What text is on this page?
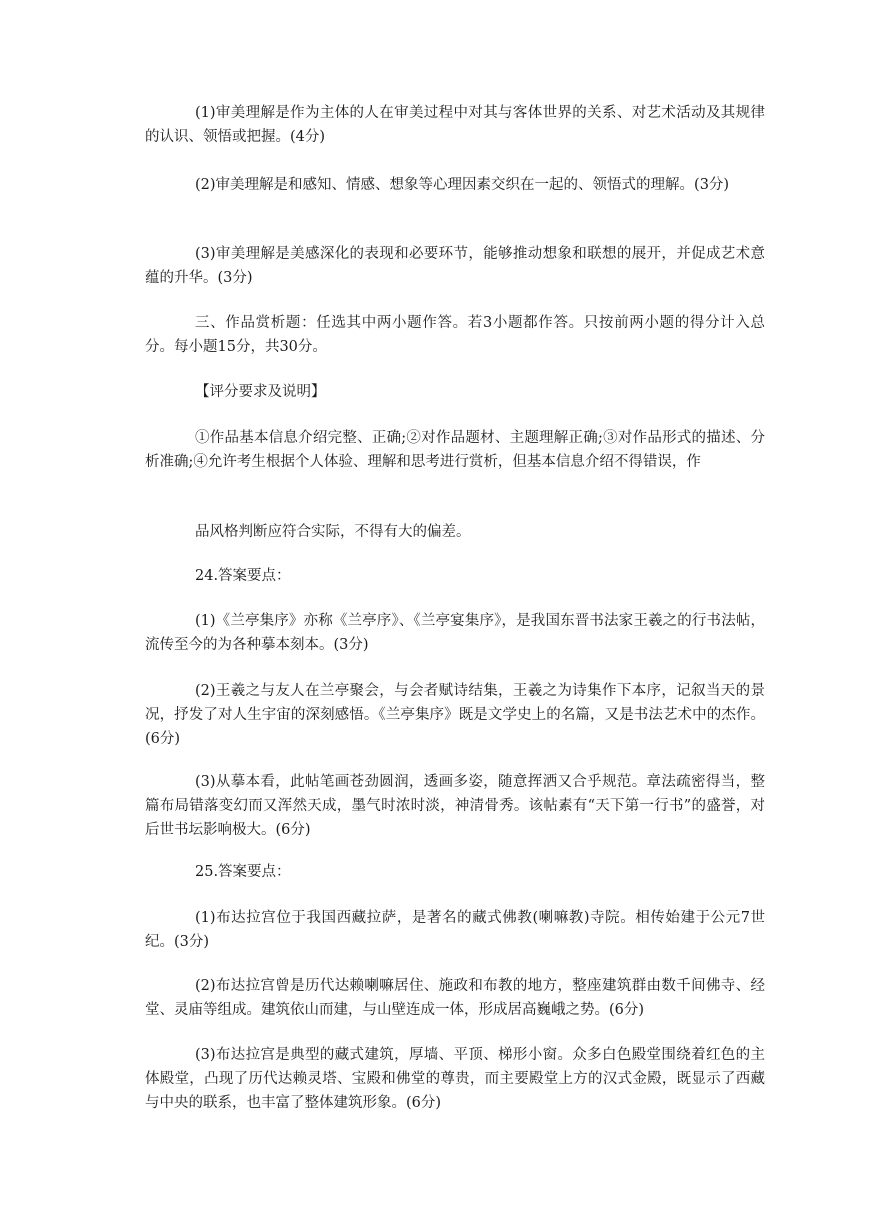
(1)审美理解是作为主体的人在审美过程中对其与客体世界的关系、对艺术活动及其规律的认识、领悟或把握。(4分)

(2)审美理解是和感知、情感、想象等心理因素交织在一起的、领悟式的理解。(3分)

(3)审美理解是美感深化的表现和必要环节，能够推动想象和联想的展开，并促成艺术意蕴的升华。(3分)

三、作品赏析题：任选其中两小题作答。若3小题都作答。只按前两小题的得分计入总分。每小题15分，共30分。

【评分要求及说明】

①作品基本信息介绍完整、正确;②对作品题材、主题理解正确;③对作品形式的描述、分析准确;④允许考生根据个人体验、理解和思考进行赏析，但基本信息介绍不得错误，作

品风格判断应符合实际，不得有大的偏差。

24.答案要点：

(1)《兰亭集序》亦称《兰亭序》、《兰亭宴集序》，是我国东晋书法家王羲之的行书法帖，流传至今的为各种摹本刻本。(3分)

(2)王羲之与友人在兰亭聚会，与会者赋诗结集，王羲之为诗集作下本序，记叙当天的景况，抒发了对人生宇宙的深刻感悟。《兰亭集序》既是文学史上的名篇，又是书法艺术中的杰作。(6分)

(3)从摹本看，此帖笔画苍劲圆润，透画多姿，随意挥洒又合乎规范。章法疏密得当，整篇布局错落变幻而又浑然天成，墨气时浓时淡，神清骨秀。该帖素有“天下第一行书”的盛誉，对后世书坛影响极大。(6分)

25.答案要点：

(1)布达拉宫位于我国西藏拉萨，是著名的藏式佛教(喇嘛教)寺院。相传始建于公元7世纪。(3分)

(2)布达拉宫曾是历代达赖喇嘛居住、施政和布教的地方，整座建筑群由数千间佛寺、经堂、灵庙等组成。建筑依山而建，与山壁连成一体，形成居高巍峨之势。(6分)

(3)布达拉宫是典型的藏式建筑，厚墙、平顶、梯形小窗。众多白色殿堂围绕着红色的主体殿堂，凸现了历代达赖灵塔、宝殿和佛堂的尊贵，而主要殿堂上方的汉式金殿，既显示了西藏与中央的联系，也丰富了整体建筑形象。(6分)
